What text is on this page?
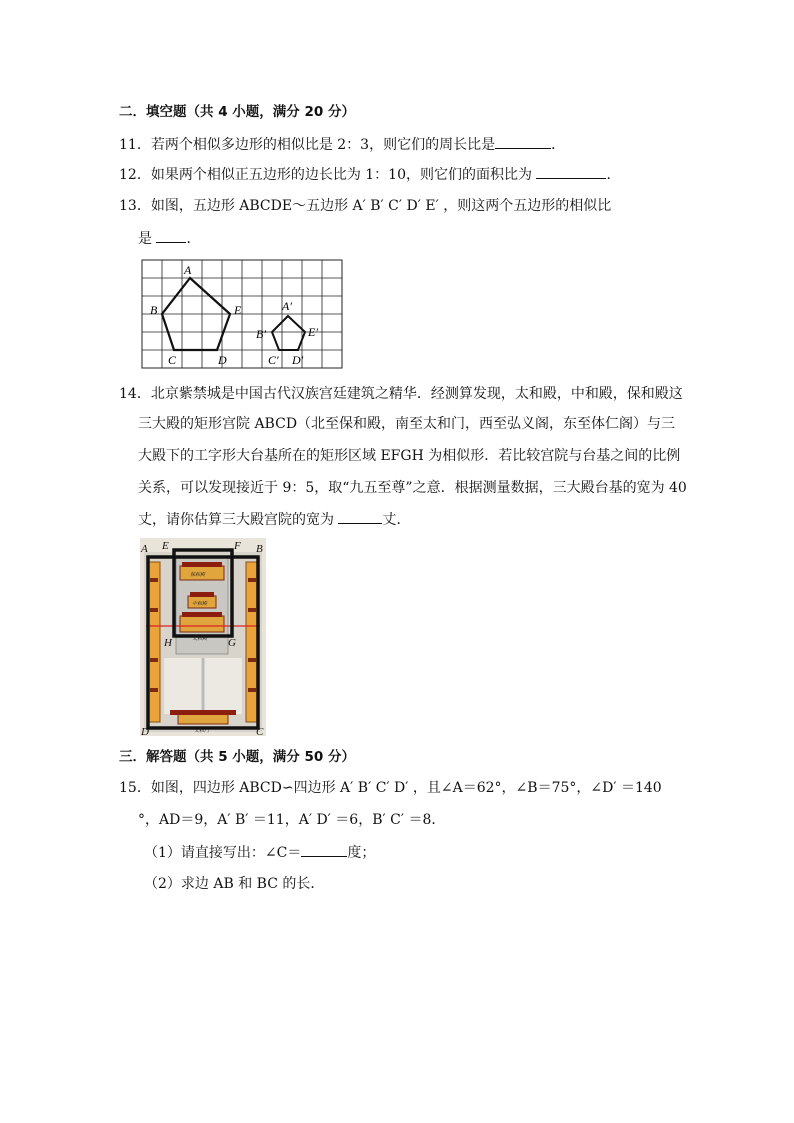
二．填空题（共 4 小题，满分 20 分）
11．若两个相似多边形的相似比是 2：3，则它们的周长比是	．
12．如果两个相似正五边形的边长比为 1：10，则它们的面积比为	．
13．如图，五边形 ABCDE～五边形 A′ B′ C′ D′ E′ ，则这两个五边形的相似比
是 ．
A
B
C	D
E	A′
B′
C′ D′
E′
14．北京紫禁城是中国古代汉族宫廷建筑之精华．经测算发现，太和殿，中和殿，保和殿这
三大殿的矩形宫院 ABCD（北至保和殿，南至太和门，西至弘义阁，东至体仁阁）与三
大殿下的工字形大台基所在的矩形区域 EFGH 为相似形．若比较宫院与台基之间的比例
关系，可以发现接近于 9：5，取“九五至尊”之意．根据测量数据，三大殿台基的宽为 40
丈，请你估算三大殿宫院的宽为	丈．
保和殿
中和殿
太和殿
太和门
A	B
C
D
E	F
G
H
三．解答题（共 5 小题，满分 50 分）
15．如图，四边形 ABCD∽四边形 A′ B′ C′ D′ ，且∠A＝62°，∠B＝75°，∠D′ ＝140
°，AD＝9，A′ B′ ＝11，A′ D′ ＝6，B′ C′ ＝8．
（1）请直接写出：∠C＝	度；
（2）求边 AB 和 BC 的长．
